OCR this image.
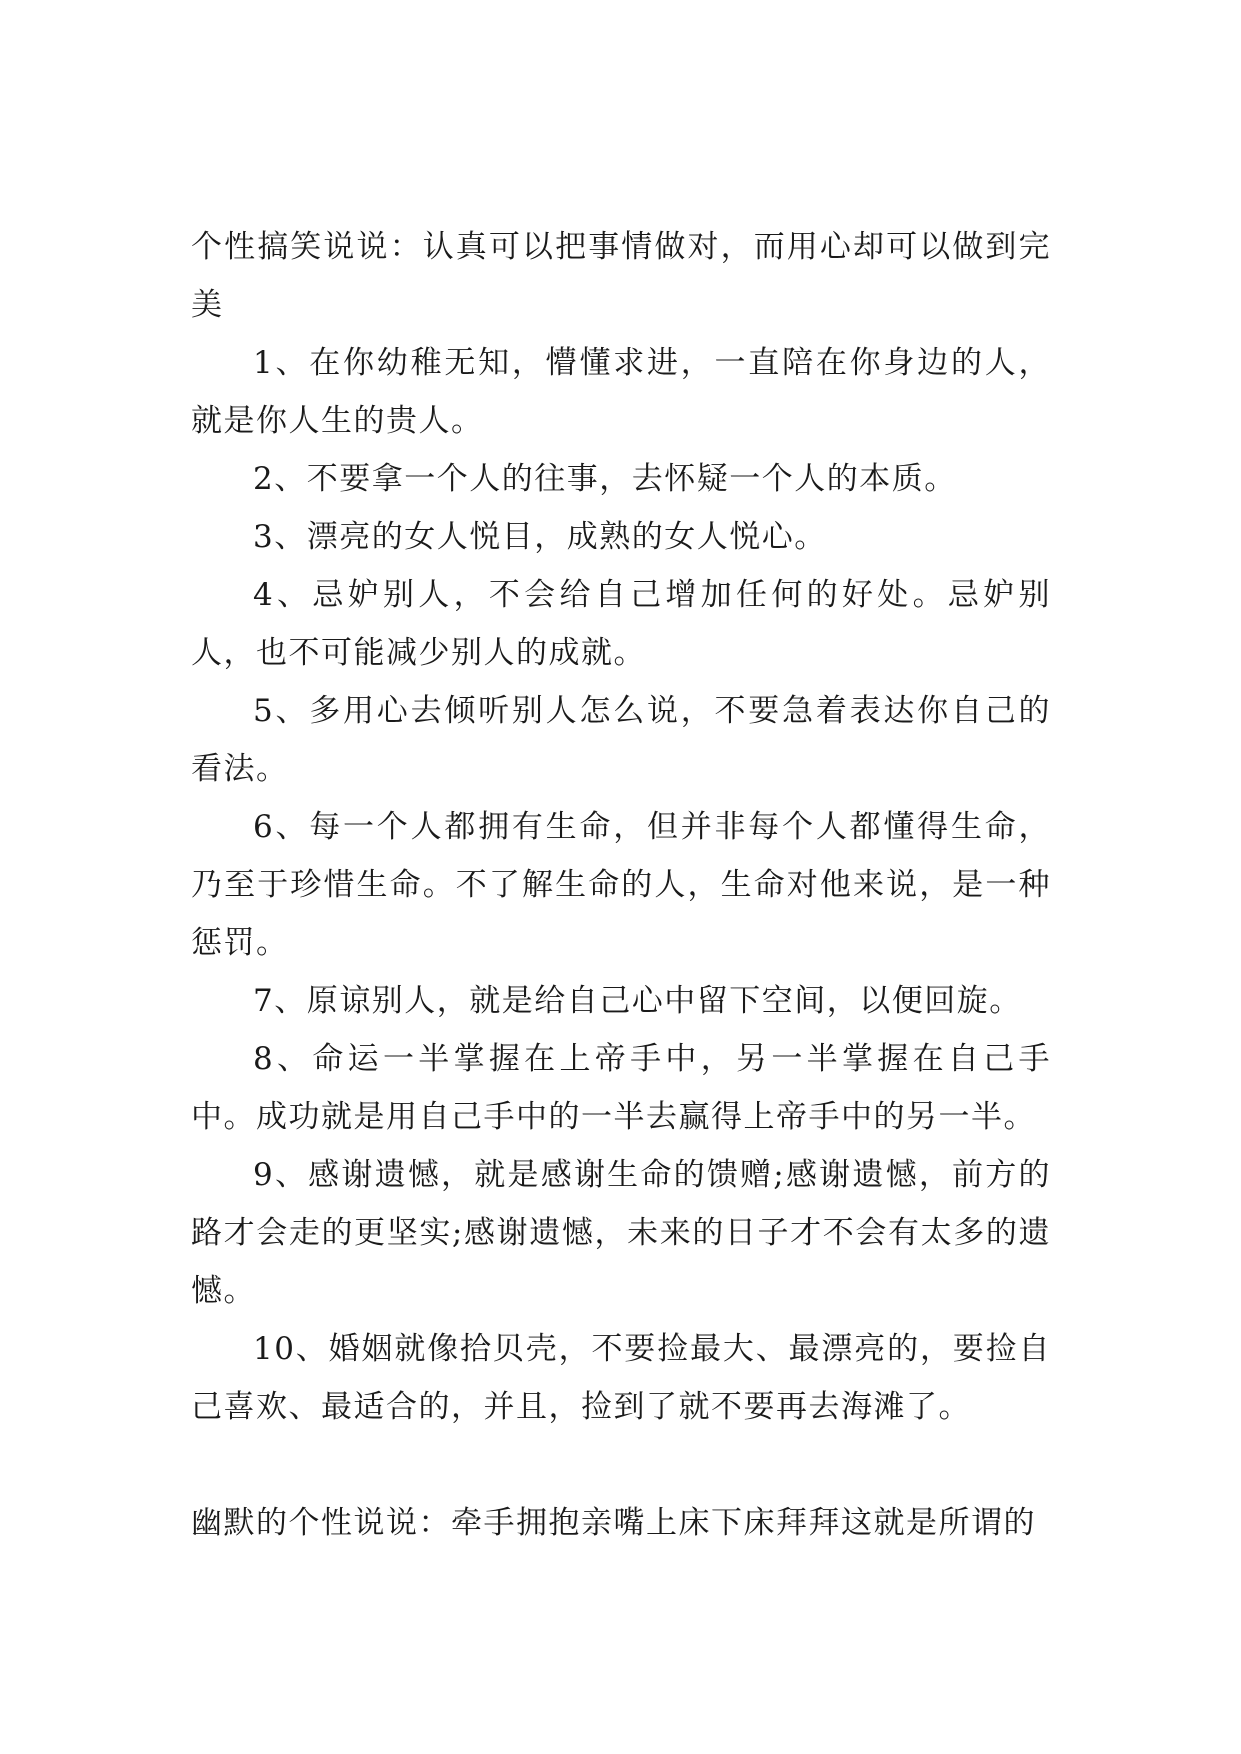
个性搞笑说说：认真可以把事情做对，而用心却可以做到完美

1、在你幼稚无知，懵懂求进，一直陪在你身边的人，就是你人生的贵人。

2、不要拿一个人的往事，去怀疑一个人的本质。

3、漂亮的女人悦目，成熟的女人悦心。

4、忌妒别人，不会给自己增加任何的好处。忌妒别人，也不可能减少别人的成就。

5、多用心去倾听别人怎么说，不要急着表达你自己的看法。

6、每一个人都拥有生命，但并非每个人都懂得生命，乃至于珍惜生命。不了解生命的人，生命对他来说，是一种惩罚。

7、原谅别人，就是给自己心中留下空间，以便回旋。

8、命运一半掌握在上帝手中，另一半掌握在自己手中。成功就是用自己手中的一半去赢得上帝手中的另一半。

9、感谢遗憾，就是感谢生命的馈赠;感谢遗憾，前方的路才会走的更坚实;感谢遗憾，未来的日子才不会有太多的遗憾。

10、婚姻就像拾贝壳，不要捡最大、最漂亮的，要捡自己喜欢、最适合的，并且，捡到了就不要再去海滩了。

幽默的个性说说：牵手拥抱亲嘴上床下床拜拜这就是所谓的
